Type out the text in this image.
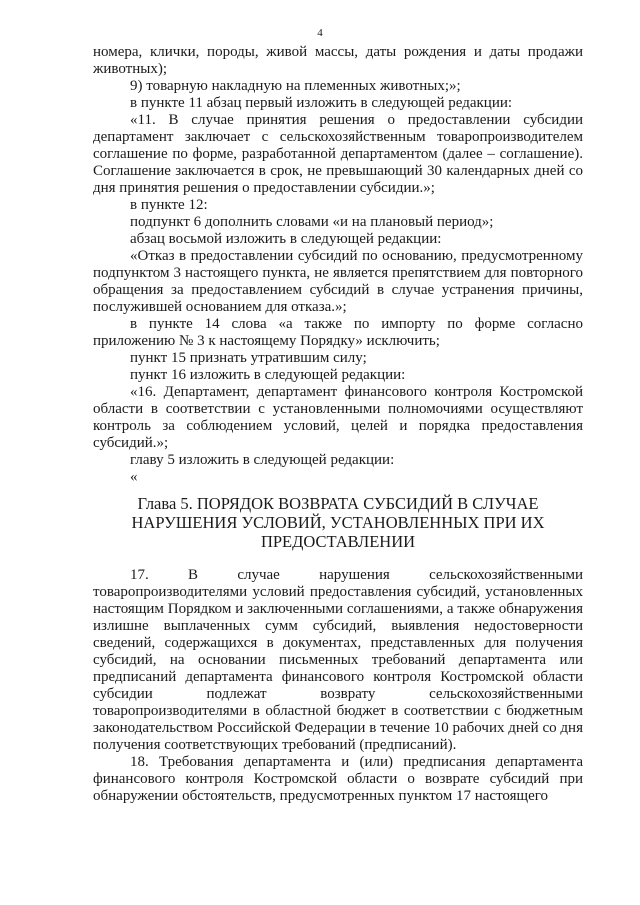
4

номера, клички, породы, живой массы, даты рождения и даты продажи животных);

9) товарную накладную на племенных животных;»;

в пункте 11 абзац первый изложить в следующей редакции:

«11. В случае принятия решения о предоставлении субсидии департамент заключает с сельскохозяйственным товаропроизводителем соглашение по форме, разработанной департаментом (далее – соглашение). Соглашение заключается в срок, не превышающий 30 календарных дней со дня принятия решения о предоставлении субсидии.»;

в пункте 12:

подпункт 6 дополнить словами «и на плановый период»;

абзац восьмой изложить в следующей редакции:

«Отказ в предоставлении субсидий по основанию, предусмотренному подпунктом 3 настоящего пункта, не является препятствием для повторного обращения за предоставлением субсидий в случае устранения причины, послужившей основанием для отказа.»;

в пункте 14 слова «а также по импорту по форме согласно приложению № 3 к настоящему Порядку» исключить;

пункт 15 признать утратившим силу;

пункт 16 изложить в следующей редакции:

«16. Департамент, департамент финансового контроля Костромской области в соответствии с установленными полномочиями осуществляют контроль за соблюдением условий, целей и порядка предоставления субсидий.»;

главу 5 изложить в следующей редакции:

«

Глава 5. ПОРЯДОК ВОЗВРАТА СУБСИДИЙ В СЛУЧАЕ НАРУШЕНИЯ УСЛОВИЙ, УСТАНОВЛЕННЫХ ПРИ ИХ ПРЕДОСТАВЛЕНИИ

17. В случае нарушения сельскохозяйственными товаропроизводителями условий предоставления субсидий, установленных настоящим Порядком и заключенными соглашениями, а также обнаружения излишне выплаченных сумм субсидий, выявления недостоверности сведений, содержащихся в документах, представленных для получения субсидий, на основании письменных требований департамента или предписаний департамента финансового контроля Костромской области субсидии подлежат возврату сельскохозяйственными товаропроизводителями в областной бюджет в соответствии с бюджетным законодательством Российской Федерации в течение 10 рабочих дней со дня получения соответствующих требований (предписаний).

18. Требования департамента и (или) предписания департамента финансового контроля Костромской области о возврате субсидий при обнаружении обстоятельств, предусмотренных пунктом 17 настоящего
